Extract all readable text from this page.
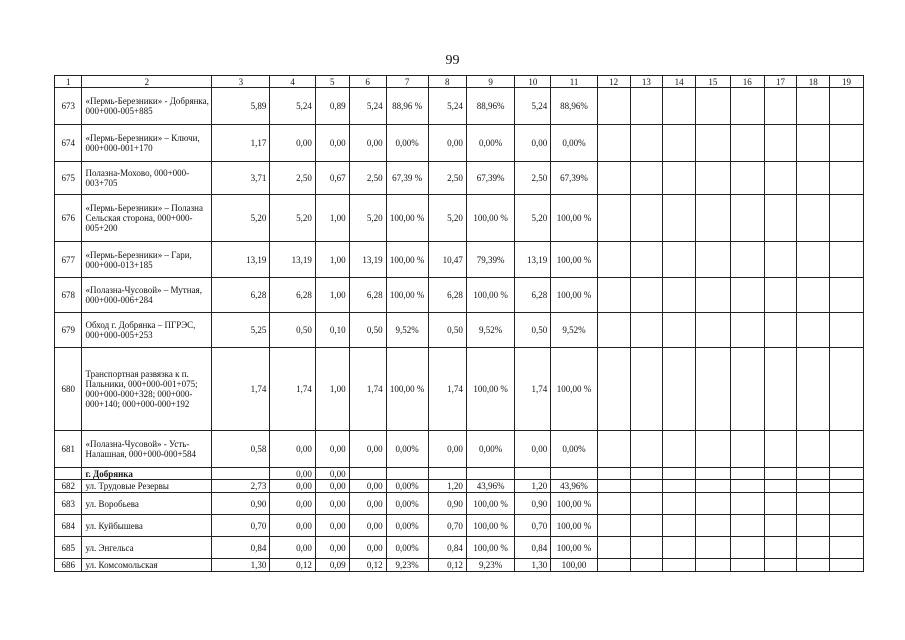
99
1	2	3	4	5	6	7	8	9	10	11	12	13	14	15	16	17	18	19
673	«Пермь-Березники» - Добрянка, 000+000-005+885	5,89	5,24	0,89	5,24	88,96 %	5,24	88,96%	5,24	88,96%								
674	«Пермь-Березники» – Ключи, 000+000-001+170	1,17	0,00	0,00	0,00	0,00%	0,00	0,00%	0,00	0,00%								
675	Полазна-Мохово, 000+000-003+705	3,71	2,50	0,67	2,50	67,39 %	2,50	67,39%	2,50	67,39%								
676	«Пермь-Березники» – Полазна Сельская сторона, 000+000-005+200	5,20	5,20	1,00	5,20	100,00 %	5,20	100,00 %	5,20	100,00 %								
677	«Пермь-Березники» – Гари, 000+000-013+185	13,19	13,19	1,00	13,19	100,00 %	10,47	79,39%	13,19	100,00 %								
678	«Полазна-Чусовой» – Мутная, 000+000-006+284	6,28	6,28	1,00	6,28	100,00 %	6,28	100,00 %	6,28	100,00 %								
679	Обход г. Добрянка – ПГРЭС, 000+000-005+253	5,25	0,50	0,10	0,50	9,52%	0,50	9,52%	0,50	9,52%								
680	Транспортная развязка к п. Пальники, 000+000-001+075; 000+000-000+328; 000+000-000+140; 000+000-000+192	1,74	1,74	1,00	1,74	100,00 %	1,74	100,00 %	1,74	100,00 %								
681	«Полазна-Чусовой» - Усть-Налашная, 000+000-000+584	0,58	0,00	0,00	0,00	0,00%	0,00	0,00%	0,00	0,00%								
	г. Добрянка		0,00	0,00														
682	ул. Трудовые Резервы	2,73	0,00	0,00	0,00	0,00%	1,20	43,96%	1,20	43,96%								
683	ул. Воробьева	0,90	0,00	0,00	0,00	0,00%	0,90	100,00 %	0,90	100,00 %								
684	ул. Куйбышева	0,70	0,00	0,00	0,00	0,00%	0,70	100,00 %	0,70	100,00 %								
685	ул. Энгельса	0,84	0,00	0,00	0,00	0,00%	0,84	100,00 %	0,84	100,00 %								
686	ул. Комсомольская	1,30	0,12	0,09	0,12	9,23%	0,12	9,23%	1,30	100,00								
